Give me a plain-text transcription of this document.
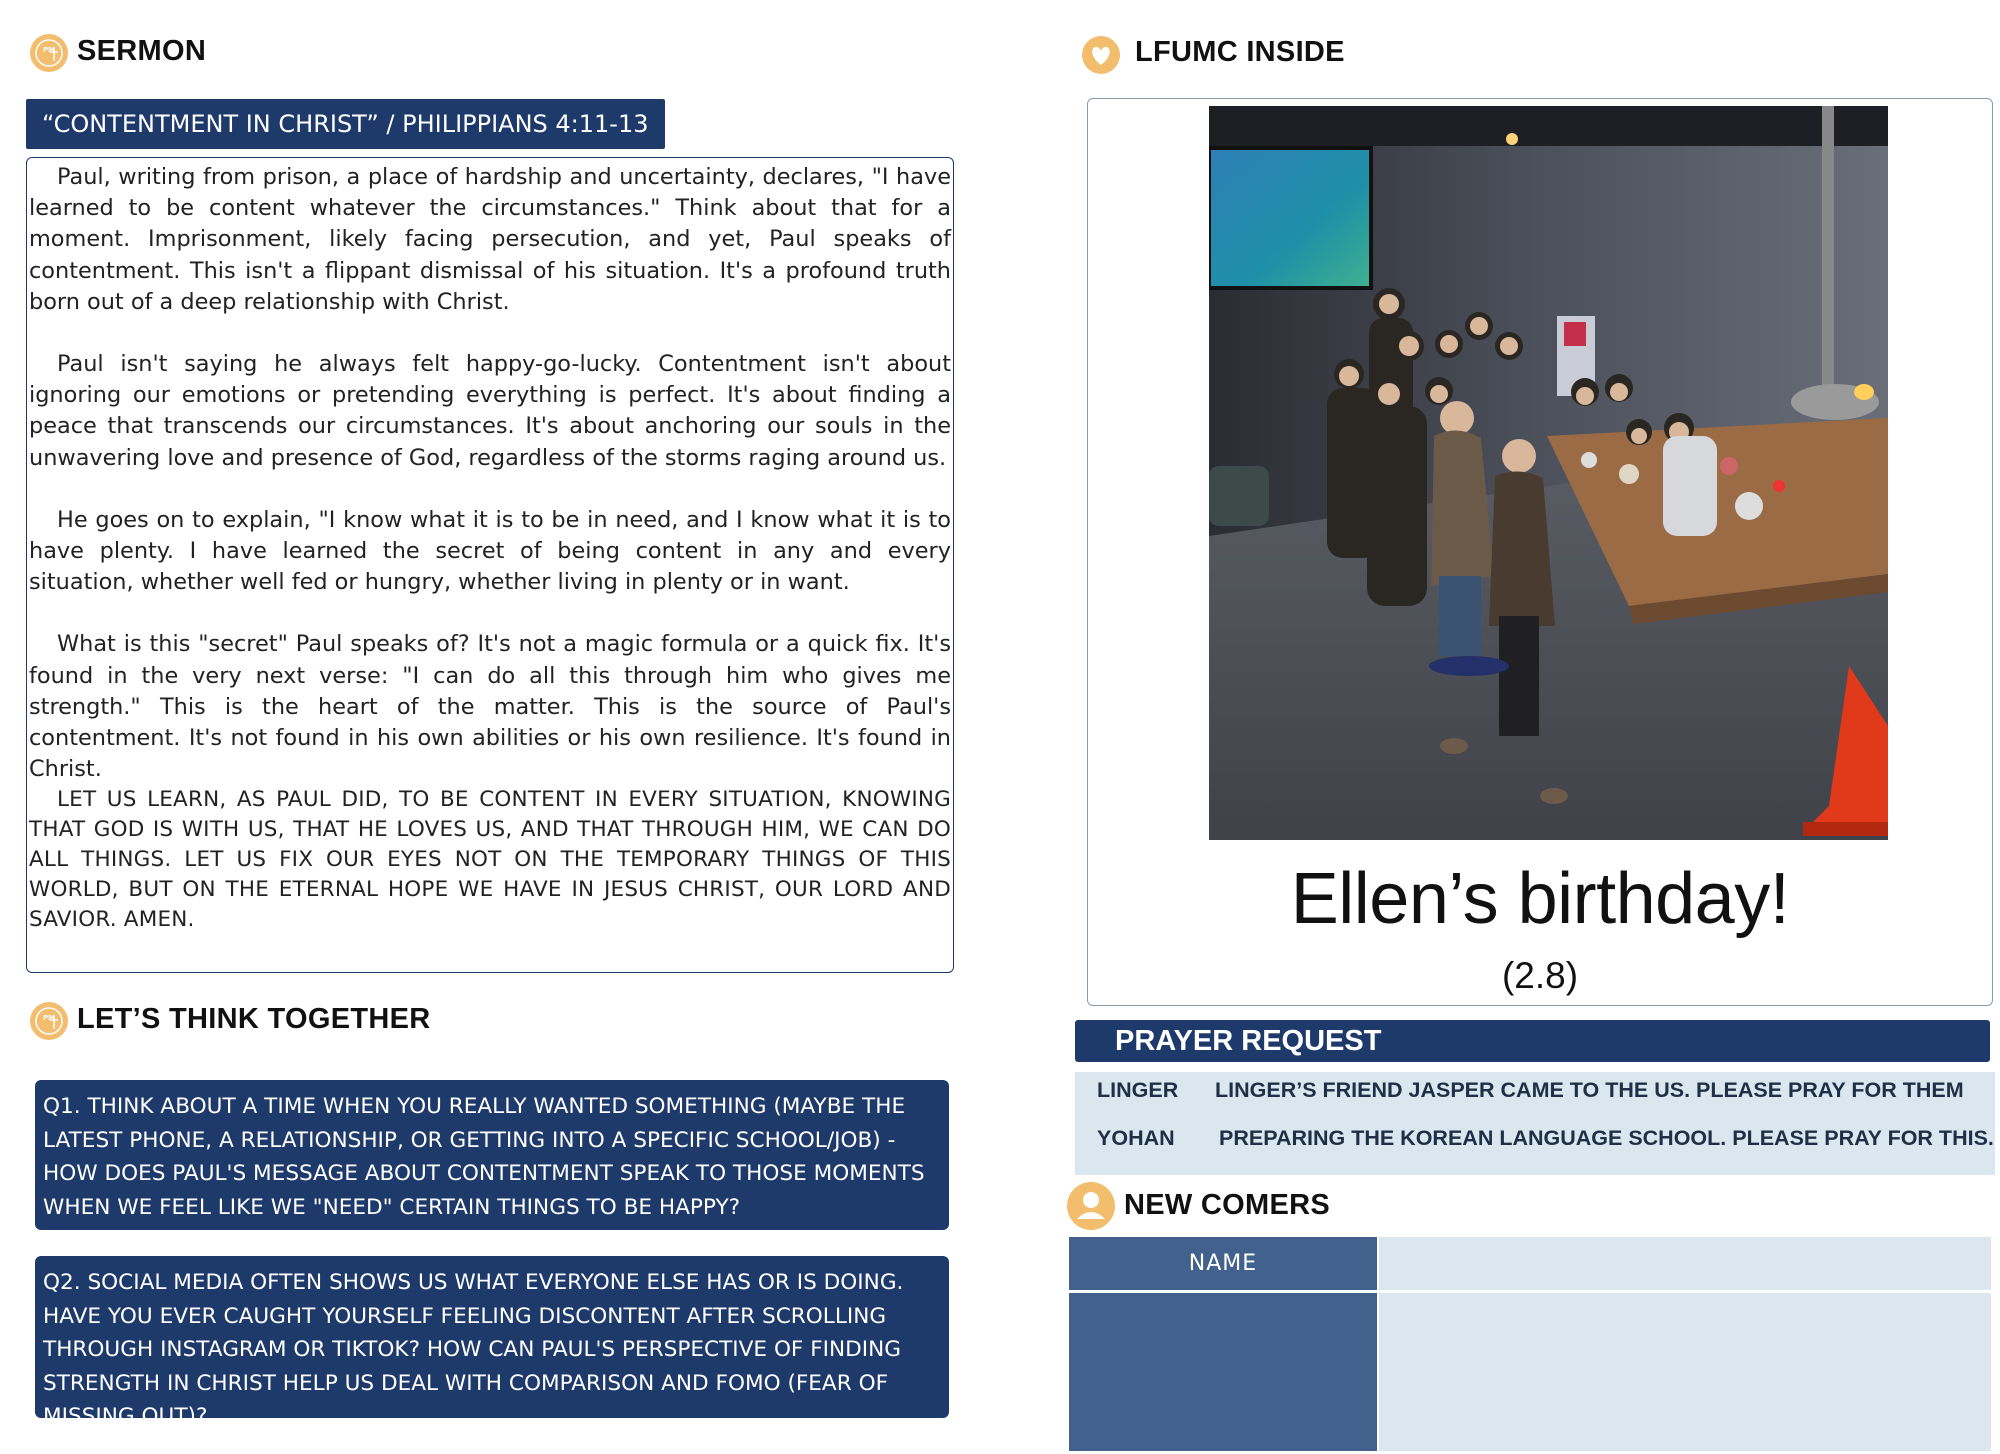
PM SERMON
“CONTENTMENT IN CHRIST” / PHILIPPIANS 4:11-13

Paul, writing from prison, a place of hardship and uncertainty, declares, "I have learned to be content whatever the circumstances." Think about that for a moment. Imprisonment, likely facing persecution, and yet, Paul speaks of contentment. This isn't a flippant dismissal of his situation. It's a profound truth born out of a deep relationship with Christ.

Paul isn't saying he always felt happy-go-lucky. Contentment isn't about ignoring our emotions or pretending everything is perfect. It's about finding a peace that transcends our circumstances. It's about anchoring our souls in the unwavering love and presence of God, regardless of the storms raging around us.

He goes on to explain, "I know what it is to be in need, and I know what it is to have plenty. I have learned the secret of being content in any and every situation, whether well fed or hungry, whether living in plenty or in want.

What is this "secret" Paul speaks of? It's not a magic formula or a quick fix. It's found in the very next verse: "I can do all this through him who gives me strength." This is the heart of the matter. This is the source of Paul's contentment. It's not found in his own abilities or his own resilience. It's found in Christ.

LET US LEARN, AS PAUL DID, TO BE CONTENT IN EVERY SITUATION, KNOWING THAT GOD IS WITH US, THAT HE LOVES US, AND THAT THROUGH HIM, WE CAN DO ALL THINGS. LET US FIX OUR EYES NOT ON THE TEMPORARY THINGS OF THIS WORLD, BUT ON THE ETERNAL HOPE WE HAVE IN JESUS CHRIST, OUR LORD AND SAVIOR. AMEN.

PM LET’S THINK TOGETHER
Q1. THINK ABOUT A TIME WHEN YOU REALLY WANTED SOMETHING (MAYBE THE LATEST PHONE, A RELATIONSHIP, OR GETTING INTO A SPECIFIC SCHOOL/JOB) - HOW DOES PAUL'S MESSAGE ABOUT CONTENTMENT SPEAK TO THOSE MOMENTS WHEN WE FEEL LIKE WE "NEED" CERTAIN THINGS TO BE HAPPY?
Q2. SOCIAL MEDIA OFTEN SHOWS US WHAT EVERYONE ELSE HAS OR IS DOING. HAVE YOU EVER CAUGHT YOURSELF FEELING DISCONTENT AFTER SCROLLING THROUGH INSTAGRAM OR TIKTOK? HOW CAN PAUL'S PERSPECTIVE OF FINDING STRENGTH IN CHRIST HELP US DEAL WITH COMPARISON AND FOMO (FEAR OF MISSING OUT)?
LFUMC INSIDE
Ellen’s birthday!
(2.8)
PRAYER REQUEST
LINGER LINGER’S FRIEND JASPER CAME TO THE US. PLEASE PRAY FOR THEM
YOHAN PREPARING THE KOREAN LANGUAGE SCHOOL. PLEASE PRAY FOR THIS.
NEW COMERS
NAME
